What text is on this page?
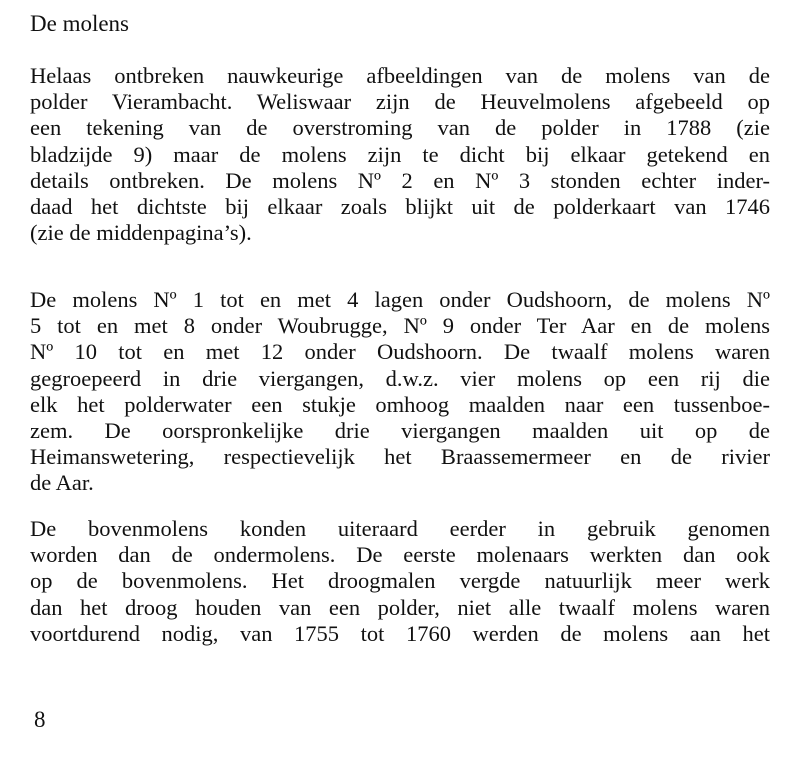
De molens
Helaas ontbreken nauwkeurige afbeeldingen van de molens van de
polder Vierambacht. Weliswaar zijn de Heuvelmolens afgebeeld op
een tekening van de overstroming van de polder in 1788 (zie
bladzijde 9) maar de molens zijn te dicht bij elkaar getekend en
details ontbreken. De molens Nº 2 en Nº 3 stonden echter inder-
daad het dichtste bij elkaar zoals blijkt uit de polderkaart van 1746
(zie de middenpagina’s).
De molens Nº 1 tot en met 4 lagen onder Oudshoorn, de molens Nº
5 tot en met 8 onder Woubrugge, Nº 9 onder Ter Aar en de molens
Nº 10 tot en met 12 onder Oudshoorn. De twaalf molens waren
gegroepeerd in drie viergangen, d.w.z. vier molens op een rij die
elk het polderwater een stukje omhoog maalden naar een tussenboe-
zem. De oorspronkelijke drie viergangen maalden uit op de
Heimanswetering, respectievelijk het Braassemermeer en de rivier
de Aar.
De bovenmolens konden uiteraard eerder in gebruik genomen
worden dan de ondermolens. De eerste molenaars werkten dan ook
op de bovenmolens. Het droogmalen vergde natuurlijk meer werk
dan het droog houden van een polder, niet alle twaalf molens waren
voortdurend nodig, van 1755 tot 1760 werden de molens aan het
8
